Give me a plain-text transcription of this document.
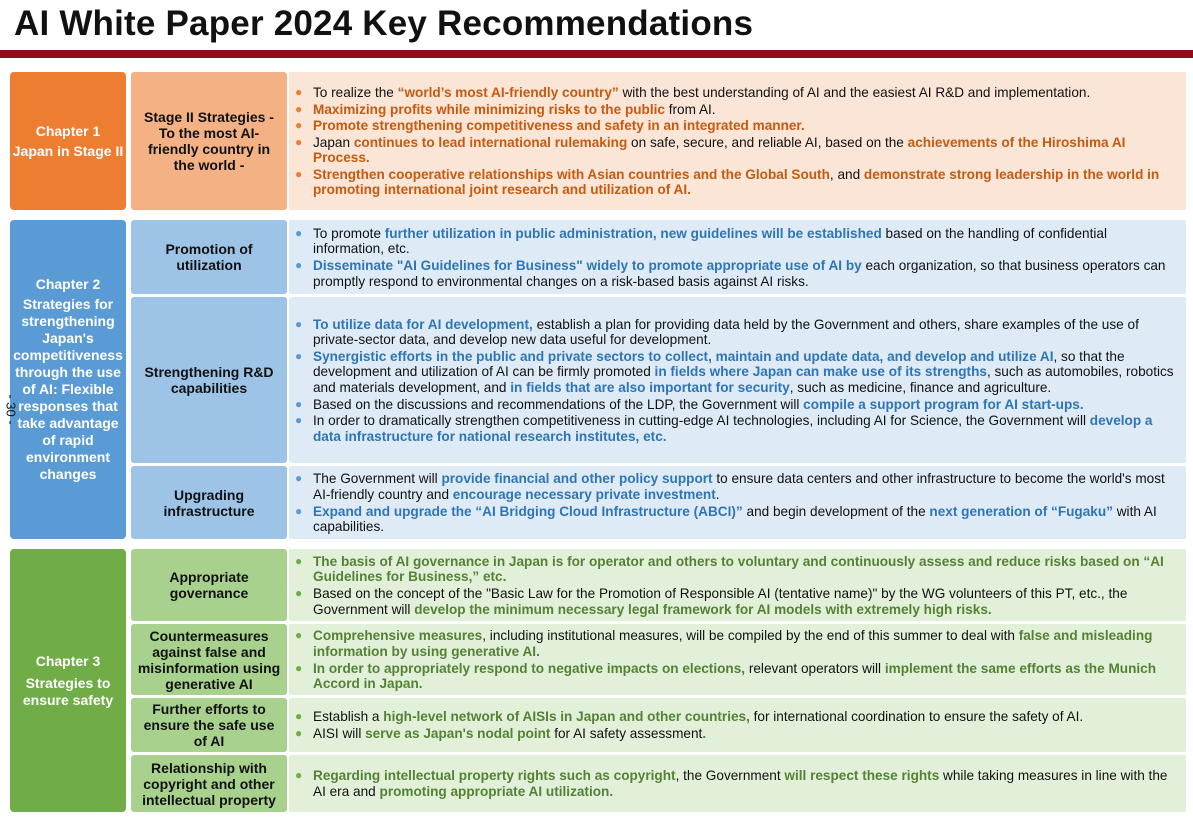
AI White Paper 2024 Key Recommendations
Chapter 1
Japan in Stage II
Stage II Strategies - To the most AI-friendly country in the world -
● To realize the “world’s most AI-friendly country” with the best understanding of AI and the easiest AI R&D and implementation.
● Maximizing profits while minimizing risks to the public from AI.
● Promote strengthening competitiveness and safety in an integrated manner.
● Japan continues to lead international rulemaking on safe, secure, and reliable AI, based on the achievements of the Hiroshima AI Process.
● Strengthen cooperative relationships with Asian countries and the Global South, and demonstrate strong leadership in the world in promoting international joint research and utilization of AI.
Chapter 2
Strategies for strengthening Japan's competitiveness through the use of AI: Flexible responses that take advantage of rapid environment changes
Promotion of utilization
● To promote further utilization in public administration, new guidelines will be established based on the handling of confidential information, etc.
● Disseminate "AI Guidelines for Business" widely to promote appropriate use of AI by each organization, so that business operators can promptly respond to environmental changes on a risk-based basis against AI risks.
Strengthening R&D capabilities
● To utilize data for AI development, establish a plan for providing data held by the Government and others, share examples of the use of private-sector data, and develop new data useful for development.
● Synergistic efforts in the public and private sectors to collect, maintain and update data, and develop and utilize AI, so that the development and utilization of AI can be firmly promoted in fields where Japan can make use of its strengths, such as automobiles, robotics and materials development, and in fields that are also important for security, such as medicine, finance and agriculture.
● Based on the discussions and recommendations of the LDP, the Government will compile a support program for AI start-ups.
● In order to dramatically strengthen competitiveness in cutting-edge AI technologies, including AI for Science, the Government will develop a data infrastructure for national research institutes, etc.
Upgrading infrastructure
● The Government will provide financial and other policy support to ensure data centers and other infrastructure to become the world's most AI-friendly country and encourage necessary private investment.
● Expand and upgrade the “AI Bridging Cloud Infrastructure (ABCI)” and begin development of the next generation of “Fugaku” with AI capabilities.
Chapter 3
Strategies to ensure safety
Appropriate governance
● The basis of AI governance in Japan is for operator and others to voluntary and continuously assess and reduce risks based on “AI Guidelines for Business,” etc.
● Based on the concept of the "Basic Law for the Promotion of Responsible AI (tentative name)" by the WG volunteers of this PT, etc., the Government will develop the minimum necessary legal framework for AI models with extremely high risks.
Countermeasures against false and misinformation using generative AI
● Comprehensive measures, including institutional measures, will be compiled by the end of this summer to deal with false and misleading information by using generative AI.
● In order to appropriately respond to negative impacts on elections, relevant operators will implement the same efforts as the Munich Accord in Japan.
Further efforts to ensure the safe use of AI
● Establish a high-level network of AISIs in Japan and other countries, for international coordination to ensure the safety of AI.
● AISI will serve as Japan's nodal point for AI safety assessment.
Relationship with copyright and other intellectual property
● Regarding intellectual property rights such as copyright, the Government will respect these rights while taking measures in line with the AI era and promoting appropriate AI utilization.
- 30 -
